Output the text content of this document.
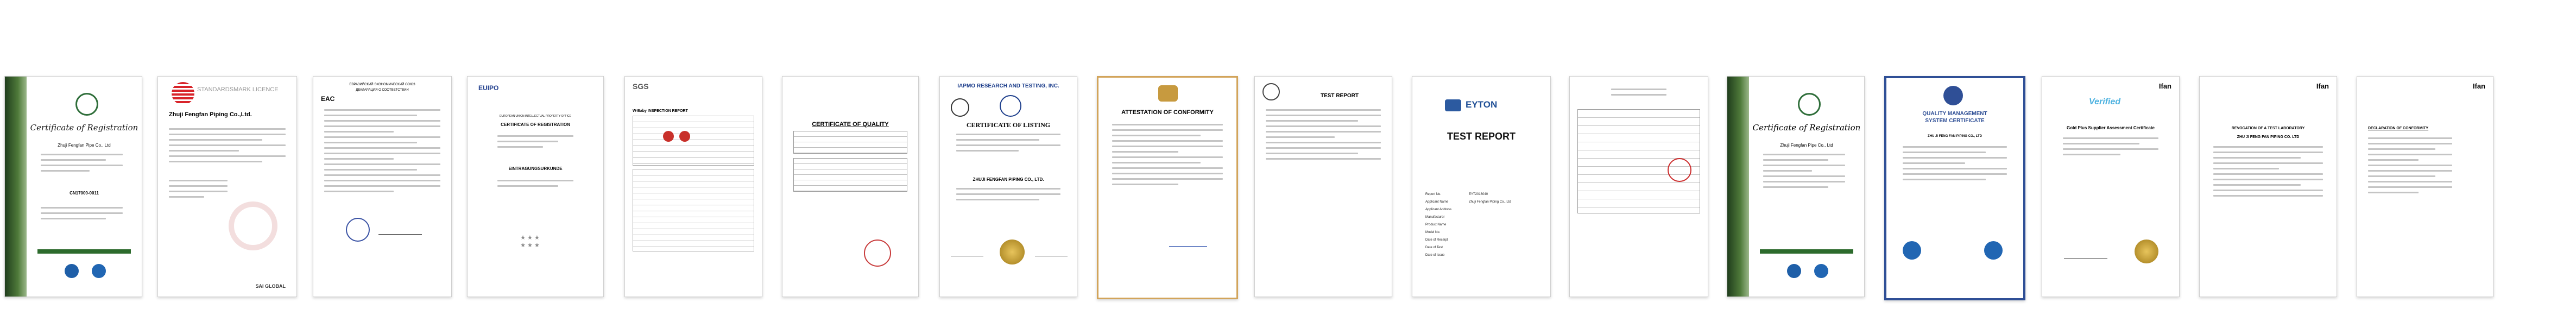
Certificate of Registration
Zhuji Fengfan Pipe Co., Ltd
CN17000-0011
STANDARDSMARK LICENCE
Zhuji Fengfan Piping Co.,Ltd.
SAI GLOBAL
ЕВРАЗИЙСКИЙ ЭКОНОМИЧЕСКИЙ СОЮЗ
ДЕКЛАРАЦИЯ О СООТВЕТСТВИИ
EAC
EUIPO
EUROPEAN UNION INTELLECTUAL PROPERTY OFFICE
CERTIFICATE OF REGISTRATION
EINTRAGUNGSURKUNDE
★ ★ ★
★ ★ ★
SGS
W-Baby INSPECTION REPORT
CERTIFICATE OF QUALITY
IAPMO RESEARCH AND TESTING, INC.
CERTIFICATE OF LISTING
ZHUJI FENGFAN PIPING CO., LTD.
ATTESTATION OF CONFORMITY
TEST REPORT
EYTON
TEST REPORT
Report No.	EYT2016040
Applicant Name	Zhuji Fengfan Piping Co., Ltd
Applicant Address
Manufacturer
Product Name
Model No.
Date of Receipt
Date of Test
Date of Issue
Certificate of Registration
Zhuji Fengfan Pipe Co., Ltd
QUALITY MANAGEMENT
SYSTEM CERTIFICATE
ZHU JI FENG FAN PIPING CO., LTD
Ifan
Verified
Gold Plus Supplier Assessment Certificate
Ifan
REVOCATION OF A TEST LABORATORY
ZHU JI FENG FAN PIPING CO. LTD
Ifan
DECLARATION OF CONFORMITY
